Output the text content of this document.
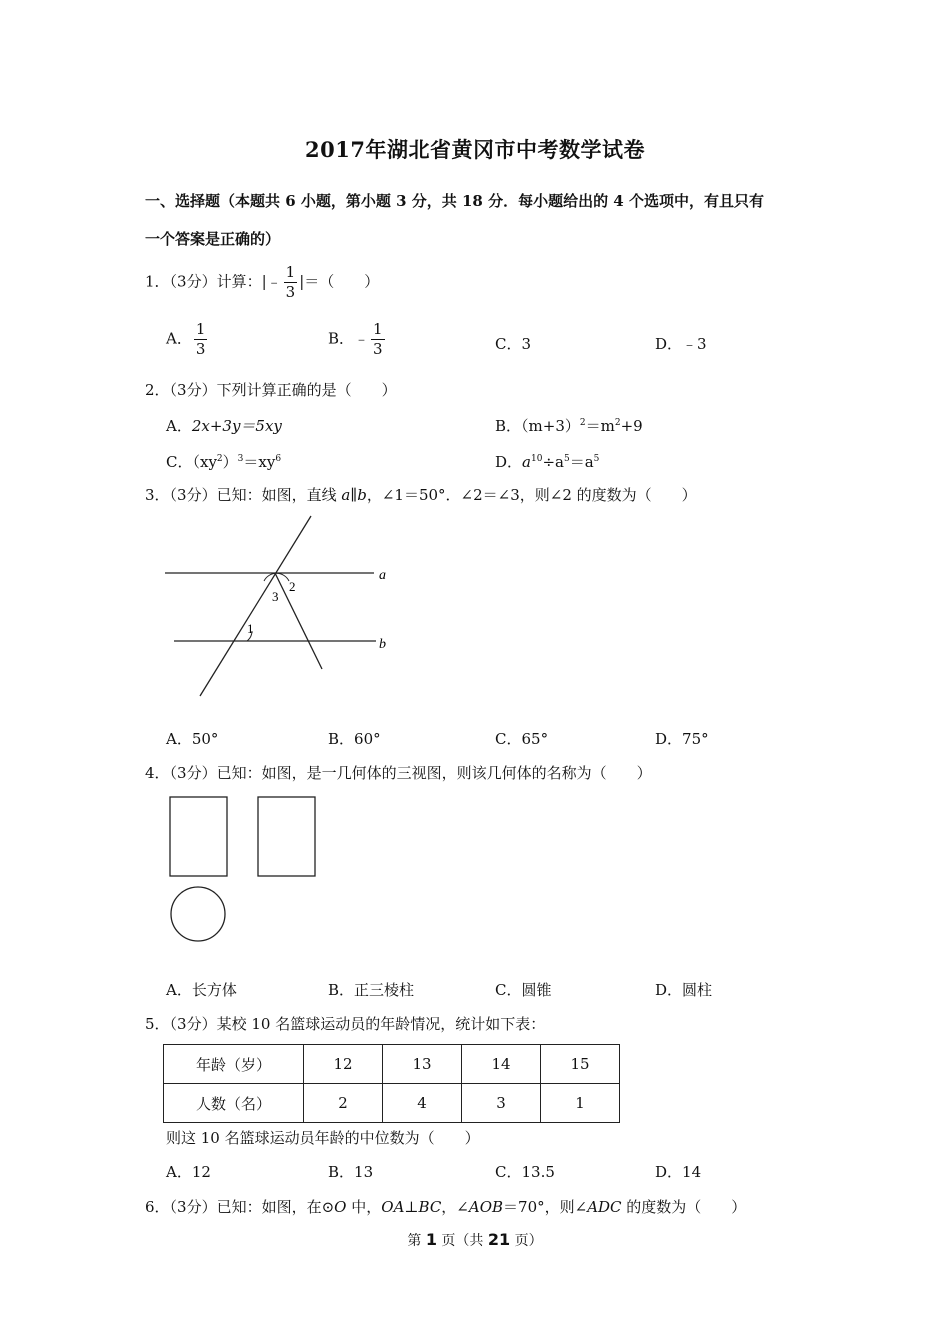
2017年湖北省黄冈市中考数学试卷
一、选择题（本题共 6 小题，第小题 3 分，共 18 分．每小题给出的 4 个选项中，有且只有
一个答案是正确的）
1．（3分）计算：|﹣ $\frac{1}{3}$ |＝（　　）
A． $\frac{1}{3}$	B．﹣ $\frac{1}{3}$	C．3	D．﹣3
2．（3分）下列计算正确的是（　　）
A．2x+3y＝5xy	B．$(m+3)^2=m^2+9$
C．$(xy^2)^3=xy^6$	D．$a^{10}\div a^5=a^5$
3．（3分）已知：如图，直线 a∥b，∠1＝50°．∠2＝∠3，则∠2 的度数为（　　）
a
b
1
2
3
A．50°	B．60°	C．65°	D．75°
4．（3分）已知：如图，是一几何体的三视图，则该几何体的名称为（　　）
A．长方体	B．正三棱柱	C．圆锥	D．圆柱
5．（3分）某校 10 名篮球运动员的年龄情况，统计如下表：
年龄（岁）	12	13	14	15
人数（名）	2	4	3	1
则这 10 名篮球运动员年龄的中位数为（　　）
A．12	B．13	C．13.5	D．14
6．（3分）已知：如图，在⊙O 中，OA⊥BC，∠AOB＝70°，则∠ADC 的度数为（　　）
第 1 页（共 21 页）
